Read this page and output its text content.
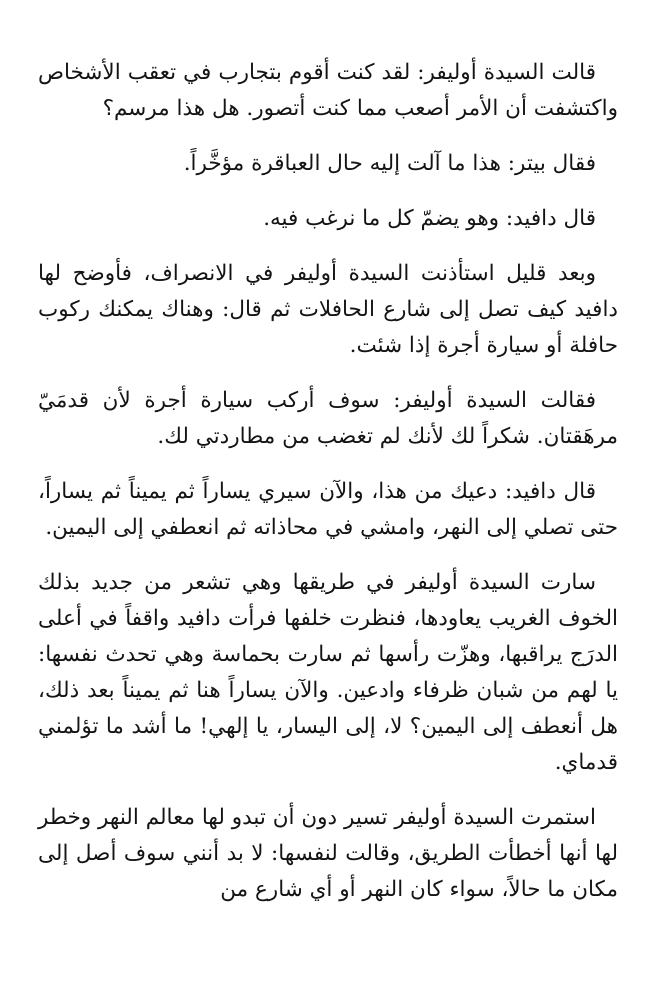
قالت السيدة أوليفر: لقد كنت أقوم بتجارب في تعقب الأشخاص واكتشفت أن الأمر أصعب مما كنت أتصور. هل هذا مرسم؟

فقال بيتر: هذا ما آلت إليه حال العباقرة مؤخَّراً.

قال دافيد: وهو يضمّ كل ما نرغب فيه.

وبعد قليل استأذنت السيدة أوليفر في الانصراف، فأوضح لها دافيد كيف تصل إلى شارع الحافلات ثم قال: وهناك يمكنك ركوب حافلة أو سيارة أجرة إذا شئت.

فقالت السيدة أوليفر: سوف أركب سيارة أجرة لأن قدمَيّ مرهَقتان. شكراً لك لأنك لم تغضب من مطاردتي لك.

قال دافيد: دعيك من هذا، والآن سيري يساراً ثم يميناً ثم يساراً، حتى تصلي إلى النهر، وامشي في محاذاته ثم انعطفي إلى اليمين.

سارت السيدة أوليفر في طريقها وهي تشعر من جديد بذلك الخوف الغريب يعاودها، فنظرت خلفها فرأت دافيد واقفاً في أعلى الدرَج يراقبها، وهزّت رأسها ثم سارت بحماسة وهي تحدث نفسها: يا لهم من شبان ظرفاء وادعين. والآن يساراً هنا ثم يميناً بعد ذلك، هل أنعطف إلى اليمين؟ لا، إلى اليسار، يا إلهي! ما أشد ما تؤلمني قدماي.

استمرت السيدة أوليفر تسير دون أن تبدو لها معالم النهر وخطر لها أنها أخطأت الطريق، وقالت لنفسها: لا بد أنني سوف أصل إلى مكان ما حالاً، سواء كان النهر أو أي شارع من
